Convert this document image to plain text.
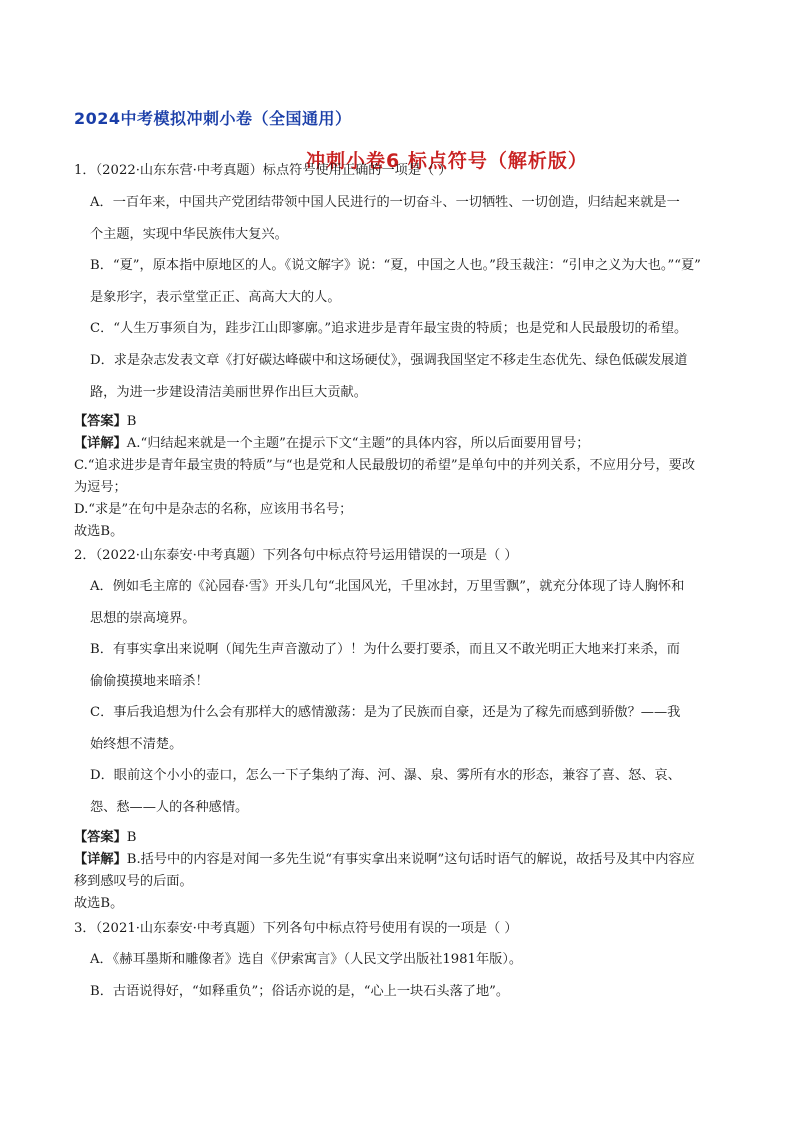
2024中考模拟冲刺小卷（全国通用）
冲刺小卷6 标点符号（解析版）
1．（2022·山东东营·中考真题）标点符号使用正确的一项是（ ）
A．一百年来，中国共产党团结带领中国人民进行的一切奋斗、一切牺牲、一切创造，归结起来就是一
个主题，实现中华民族伟大复兴。
B．“夏”，原本指中原地区的人。《说文解字》说：“夏，中国之人也。”段玉裁注：“引申之义为大也。”“夏”
是象形字，表示堂堂正正、高高大大的人。
C．“人生万事须自为，跬步江山即寥廓。”追求进步是青年最宝贵的特质；也是党和人民最殷切的希望。
D．求是杂志发表文章《打好碳达峰碳中和这场硬仗》，强调我国坚定不移走生态优先、绿色低碳发展道
路，为进一步建设清洁美丽世界作出巨大贡献。
【答案】B
【详解】A.“归结起来就是一个主题”在提示下文“主题”的具体内容，所以后面要用冒号；
C.“追求进步是青年最宝贵的特质”与“也是党和人民最殷切的希望”是单句中的并列关系，不应用分号，要改
为逗号；
D.“求是”在句中是杂志的名称，应该用书名号；
故选B。
2．（2022·山东泰安·中考真题）下列各句中标点符号运用错误的一项是（ ）
A．例如毛主席的《沁园春·雪》开头几句“北国风光，千里冰封，万里雪飘”，就充分体现了诗人胸怀和
思想的崇高境界。
B．有事实拿出来说啊（闻先生声音激动了）！为什么要打要杀，而且又不敢光明正大地来打来杀，而
偷偷摸摸地来暗杀！
C．事后我追想为什么会有那样大的感情激荡：是为了民族而自豪，还是为了稼先而感到骄傲？——我
始终想不清楚。
D．眼前这个小小的壶口，怎么一下子集纳了海、河、瀑、泉、雾所有水的形态，兼容了喜、怒、哀、
怨、愁——人的各种感情。
【答案】B
【详解】B.括号中的内容是对闻一多先生说“有事实拿出来说啊”这句话时语气的解说，故括号及其中内容应
移到感叹号的后面。
故选B。
3．（2021·山东泰安·中考真题）下列各句中标点符号使用有误的一项是（ ）
A．《赫耳墨斯和雕像者》选自《伊索寓言》（人民文学出版社1981年版）。
B．古语说得好，“如释重负”；俗话亦说的是，“心上一块石头落了地”。
